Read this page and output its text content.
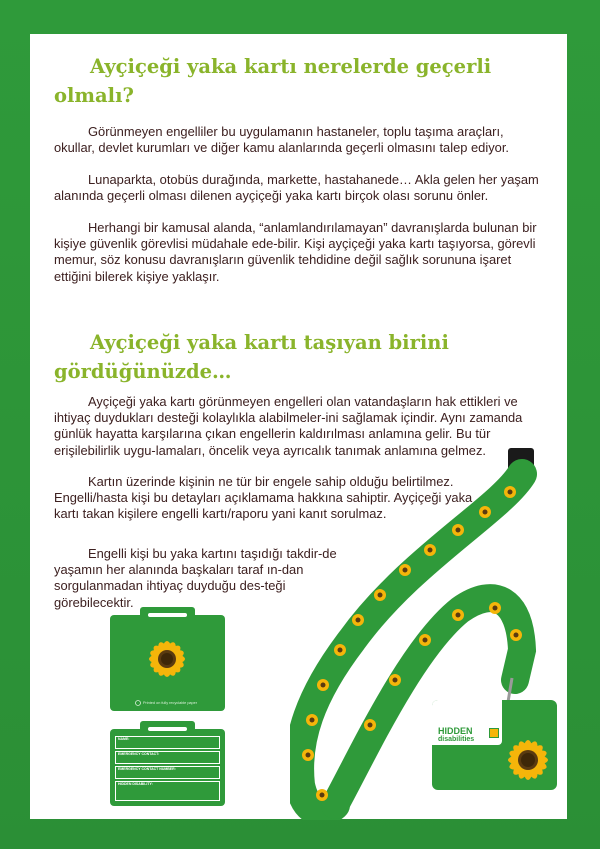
Ayçiçeği yaka kartı nerelerde geçerli
olmalı?

Görünmeyen engelliler bu uygulamanın hastaneler, toplu taşıma araçları, okullar, devlet kurumları ve diğer kamu alanlarında geçerli olmasını talep ediyor.

Lunaparkta, otobüs durağında, markette, hastahanede… Akla gelen her yaşam alanında geçerli olması dilenen ayçiçeği yaka kartı birçok olası sorunu önler.

Herhangi bir kamusal alanda, “anlamlandırılamayan” davranışlarda bulunan bir kişiye güvenlik görevlisi müdahale ede-bilir. Kişi ayçiçeği yaka kartı taşıyorsa, görevli memur, söz konusu davranışların güvenlik tehdidine değil sağlık sorununa işaret ettiğini bilerek kişiye yaklaşır.

Ayçiçeği yaka kartı taşıyan birini
gördüğünüzde…

Ayçiçeği yaka kartı görünmeyen engelleri olan vatandaşların hak ettikleri ve ihtiyaç duydukları desteği kolaylıkla alabilmeler-ini sağlamak içindir. Aynı zamanda günlük hayatta karşılarına çıkan engellerin kaldırılması anlamına gelir. Bu tür erişilebilirlik uygu-lamaları, öncelik veya ayrıcalık tanımak anlamına gelmez.

Kartın üzerinde kişinin ne tür bir engele sahip olduğu belirtilmez. Engelli/hasta kişi bu detayları açıklamama hakkına sahiptir. Ayçiçeği yaka kartı takan kişilere engelli kartı/raporu yani kanıt sorulmaz.

Engelli kişi bu yaka kartını taşıdığı takdir-de yaşamın her alanında başkaları taraf ın-dan sorgulanmadan ihtiyaç duyduğu des-teği görebilecektir.

Printed on fully recyclable paper
NAME:
EMERGENCY CONTACT:
EMERGENCY CONTACT NUMBER:
HIDDEN DISABILITY:
HIDDEN
disabilities
